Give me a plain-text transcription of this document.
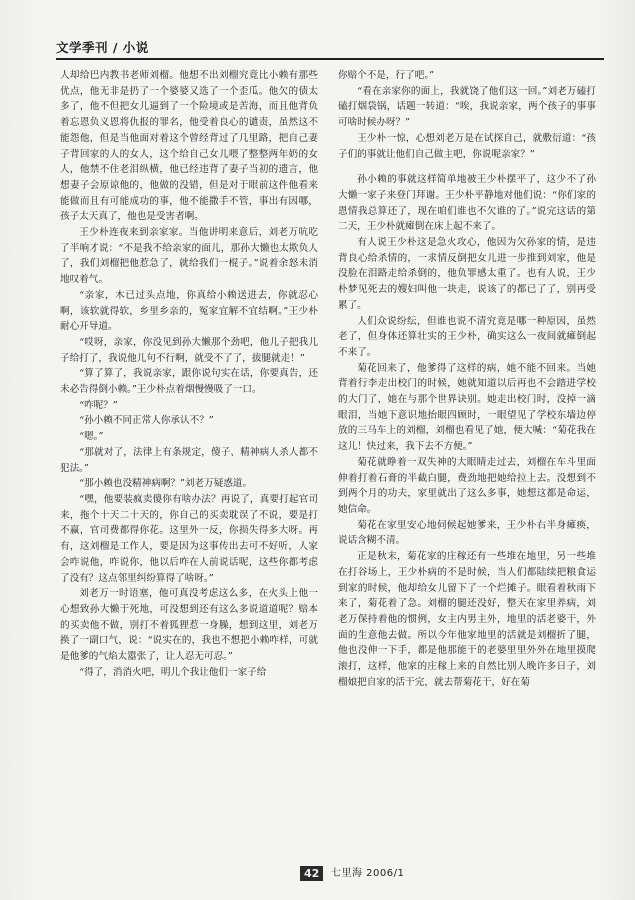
文学季刊 / 小说

人却给巴内教书老师刘榴。他想不出刘榴究竟比小赖有那些优点，他无非是扔了一个婆婆又选了一个歪瓜。他欠的债太多了，他不但把女儿逼到了一个险境或是苦海，而且他背负着忘恩负义恩将仇报的罪名，他受着良心的谴责，虽然这不能怨他，但是当他面对着这个曾经背过了几里路，把自己妻子背回家的人的女人，这个给自己女儿喂了整整两年奶的女人，他禁不住老泪纵横，他已经违背了妻子当初的遗言，他想妻子会原谅他的，他做的没错，但是对于眼前这件他看来能做而且有可能成功的事，他不能撒手不管，事出有因哪，孩子太天真了，他也是受害者啊。

王少朴连夜来到亲家家。当他讲明来意后，刘老万吭吃了半响才说：“不是我不给亲家的面儿，那孙大懒也太欺负人了，我们刘榴把他惹急了，就给我们一棍子。”说着余怒未消地叹着气。

“亲家，木已过头点地，你真给小赖送进去，你就忍心啊，该软就得软，乡里乡亲的，冤家宜解不宜结啊。”王少朴耐心开导道。

“哎呀，亲家，你没见到孙大懒那个劲吧，他儿子把我儿子给打了，我说他儿句不行啊，就受不了了，拔腿就走！”

“算了算了，我说亲家，跟你说句实在话，你要真告，还未必告得倒小赖。”王少朴点着烟慢慢吸了一口。

“咋呢？”

“孙小赖不同正常人你承认不？”

“嗯。”

“那就对了，法律上有条规定，傻子、精神病人杀人都不犯法。”

“那小赖也没精神病啊？”刘老万疑惑道。

“嘿，他要装疯卖傻你有啥办法？再说了，真要打起官司来，拖个十天二十天的，你自己的买卖耽误了不说，要是打不赢，官司费都得你花。这里外一反，你损失得多大呀。再有，这刘榴是工作人，要是因为这事传出去可不好听，人家会咋说他，咋说你，他以后咋在人前说话呢，这些你都考虑了没有？这点邻里纠纷算得了啥呀。”

刘老万一时语塞，他可真没考虑这么多，在火头上他一心想致孙大懒于死地，可没想到还有这么多说道道呢？赔本的买卖他不做，别打不着狐狸惹一身臊，想到这里，刘老万换了一副口气，说：“说实在的，我也不想把小赖咋样，可就是他爹的气焰太嚣张了，让人忍无可忍。”

“得了，消消火吧，明儿个我让他们一家子给

你赔个不是，行了吧。”

“看在亲家你的面上，我就饶了他们这一回。”刘老万磕打磕打烟袋锅，话题一转道：“唉，我说亲家，两个孩子的事事可啥时候办呀？”

王少朴一惊，心想刘老万是在试探自己，就敷衍道：“孩子们的事就让他们自己做主吧，你说呢亲家？”

孙小赖的事就这样简单地被王少朴摆平了，这少不了孙大懒一家子来登门拜谢。王少朴平静地对他们说：“你们家的恩情我总算还了，现在咱们谁也不欠谁的了。”说完这话的第二天，王少朴就瘫倒在床上起不来了。

有人说王少朴这是急火攻心，他因为欠孙家的情，是违背良心给杀情的，一求情反倒把女儿进一步推到刘家，他是没脸在泪路走给杀倒的，他负罪感太重了。也有人说，王少朴梦见死去的嫂妇叫他一块走，说该了的都已了了，别再受累了。

人们众说纷纭，但谁也说不清究竟是哪一种原因，虽然老了，但身体还算壮实的王少朴，确实这么一夜间就瘫倒起不来了。

菊花回来了，他爹得了这样的病，她不能不回来。当她背着行李走出校门的时候，她就知道以后再也不会踏进学校的大门了，她在与那个世界诀别。她走出校门时，没掉一滴眼泪，当她下意识地抬眼四顾时，一眼望见了学校东墙边停放的三马车上的刘榴，刘榴也看见了她，便大喊：“菊花我在这儿！快过来，我下去不方便。”

菊花就睁着一双失神的大眼睛走过去，刘榴在车斗里面伸着打着石膏的半截白腿，费劲地把她给拉上去。没想到不到两个月的功夫，家里就出了这么多事，她想这都是命运，她信命。

菊花在家里安心地伺候起她爹来，王少朴右半身瘫痪，说话含糊不清。

正是秋末，菊花家的庄稼还有一些堆在地里，另一些堆在打谷场上，王少朴病的不是时候，当人们都陆续把粮食运到家的时候，他却给女儿留下了一个烂摊子。眼看着秋雨下来了，菊花着了急。刘榴的腿还没好，整天在家里养病，刘老万保持着他的惯例，女主内男主外，地里的活老婆干，外面的生意他去做。所以今年他家地里的活就是刘榴折了腿，他也没伸一下手，都是他那能干的老婆里里外外在地里摸爬滚打，这样，他家的庄稼上来的自然比别人晚许多日子，刘榴娘把自家的活干完，就去帮菊花干，好在菊

42	七里海 2006/1
